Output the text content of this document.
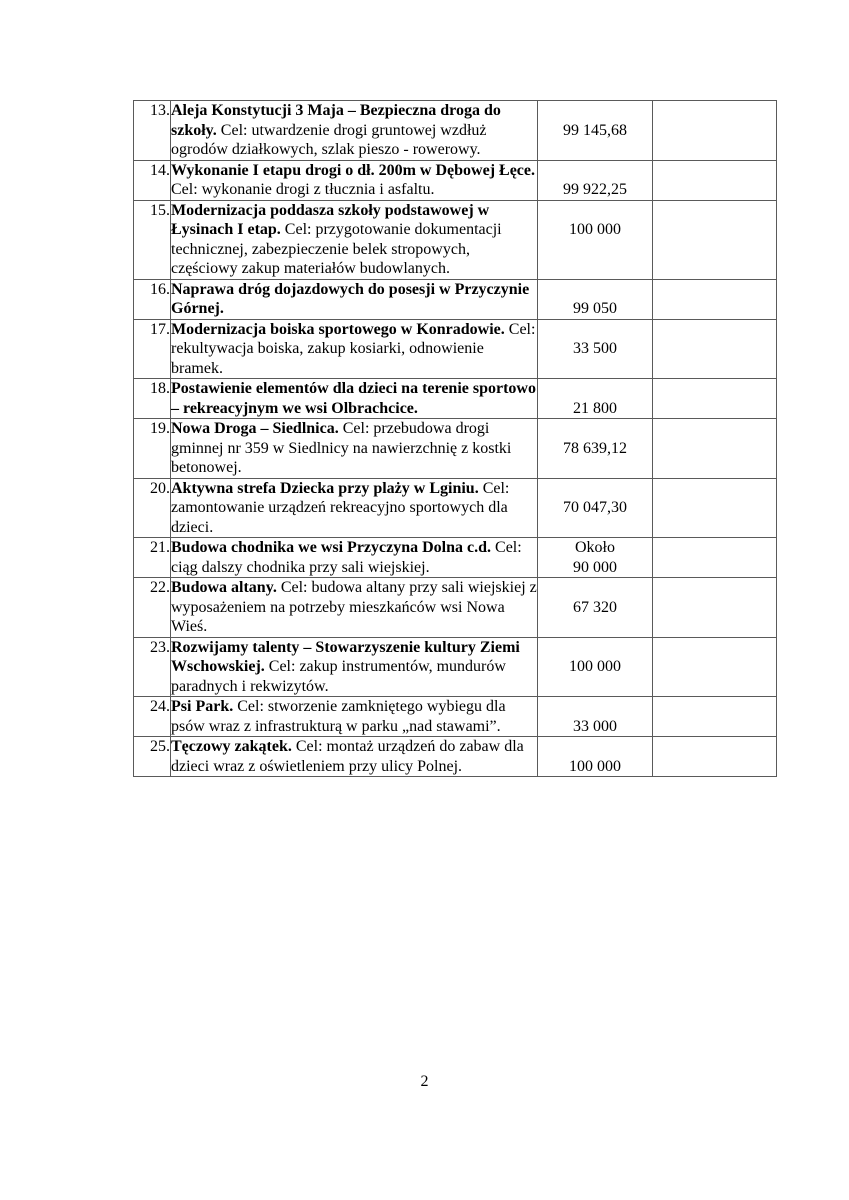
13.	Aleja Konstytucji 3 Maja – Bezpieczna droga do szkoły. Cel: utwardzenie drogi gruntowej wzdłuż ogrodów działkowych, szlak pieszo - rowerowy.	99 145,68	

14.	Wykonanie I etapu drogi o dł. 200m w Dębowej Łęce. Cel: wykonanie drogi z tłucznia i asfaltu.	99 922,25	

15.	Modernizacja poddasza szkoły podstawowej w Łysinach I etap. Cel: przygotowanie dokumentacji technicznej, zabezpieczenie belek stropowych, częściowy zakup materiałów budowlanych.	100 000	

16.	Naprawa dróg dojazdowych do posesji w Przyczynie Górnej.	99 050	

17.	Modernizacja boiska sportowego w Konradowie. Cel: rekultywacja boiska, zakup kosiarki, odnowienie bramek.	33 500	

18.	Postawienie elementów dla dzieci na terenie sportowo – rekreacyjnym we wsi Olbrachcice.	21 800	

19.	Nowa Droga – Siedlnica. Cel: przebudowa drogi gminnej nr 359 w Siedlnicy na nawierzchnię z kostki betonowej.	78 639,12	

20.	Aktywna strefa Dziecka przy plaży w Lginiu. Cel: zamontowanie urządzeń rekreacyjno sportowych dla dzieci.	70 047,30	

21.	Budowa chodnika we wsi Przyczyna Dolna c.d. Cel: ciąg dalszy chodnika przy sali wiejskiej.	Około
90 000	

22.	Budowa altany. Cel: budowa altany przy sali wiejskiej z wyposażeniem na potrzeby mieszkańców wsi Nowa Wieś.	67 320	

23.	Rozwijamy talenty – Stowarzyszenie kultury Ziemi Wschowskiej. Cel: zakup instrumentów, mundurów paradnych i rekwizytów.	100 000	

24.	Psi Park. Cel: stworzenie zamkniętego wybiegu dla psów wraz z infrastrukturą w parku „nad stawami”.	33 000	

25.	Tęczowy zakątek. Cel: montaż urządzeń do zabaw dla dzieci wraz z oświetleniem przy ulicy Polnej.	100 000	

2
